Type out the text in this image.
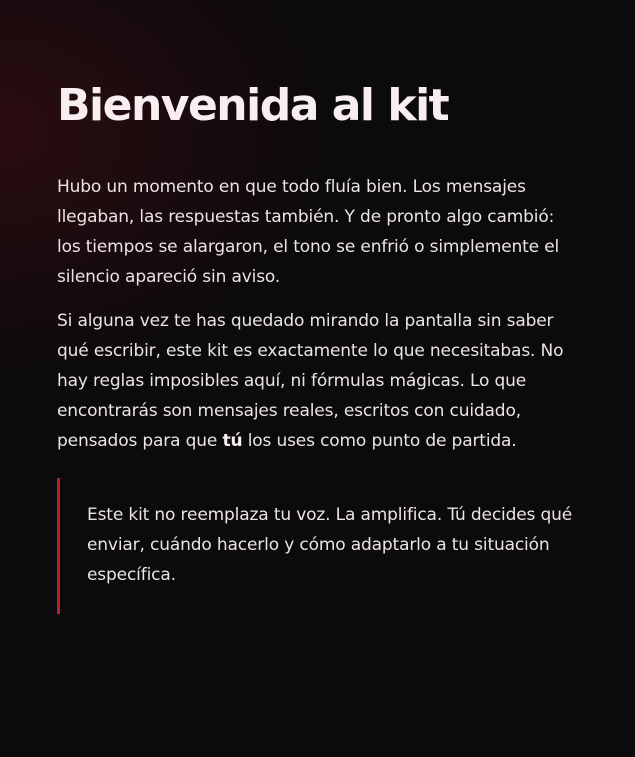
Bienvenida al kit

Hubo un momento en que todo fluía bien. Los mensajes llegaban, las respuestas también. Y de pronto algo cambió: los tiempos se alargaron, el tono se enfrió o simplemente el silencio apareció sin aviso.

Si alguna vez te has quedado mirando la pantalla sin saber qué escribir, este kit es exactamente lo que necesitabas. No hay reglas imposibles aquí, ni fórmulas mágicas. Lo que encontrarás son mensajes reales, escritos con cuidado, pensados para que tú los uses como punto de partida.

Este kit no reemplaza tu voz. La amplifica. Tú decides qué enviar, cuándo hacerlo y cómo adaptarlo a tu situación específica.
